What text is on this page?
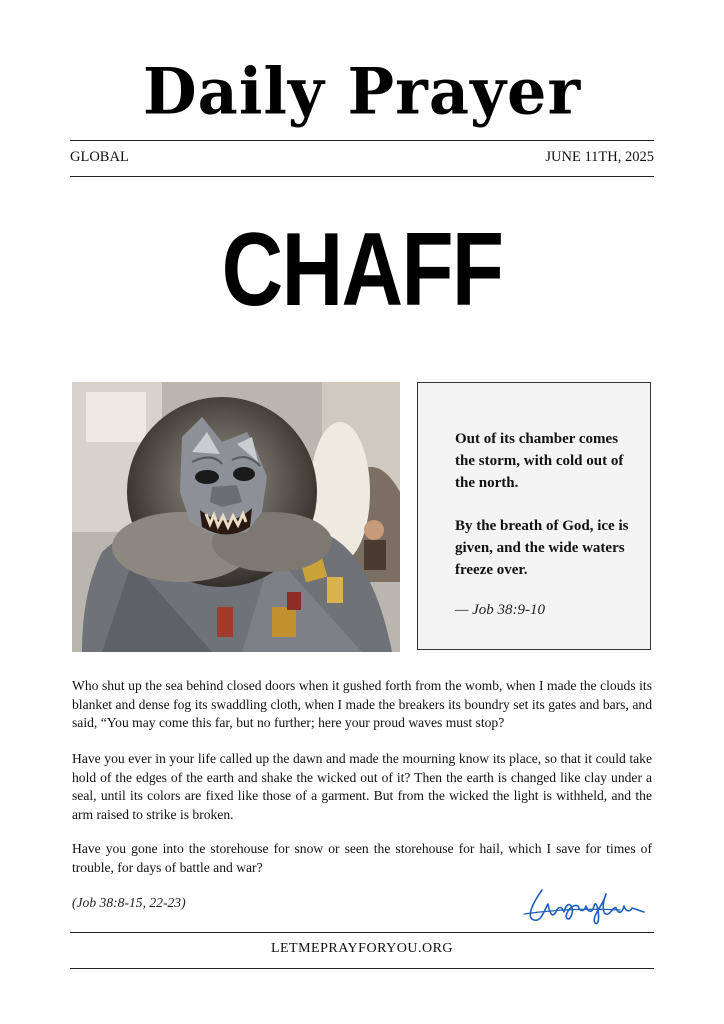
Daily Prayer
GLOBAL	JUNE 11TH, 2025
CHAFF
Out of its chamber comes the storm, with cold out of the north.
By the breath of God, ice is given, and the wide waters freeze over.
— Job 38:9-10
Who shut up the sea behind closed doors when it gushed forth from the womb, when I made the clouds its blanket and dense fog its swaddling cloth, when I made the breakers its boundry set its gates and bars, and said, “You may come this far, but no further; here your proud waves must stop?
Have you ever in your life called up the dawn and made the mourning know its place, so that it could take hold of the edges of the earth and shake the wicked out of it? Then the earth is changed like clay under a seal, until its colors are fixed like those of a garment. But from the wicked the light is withheld, and the arm raised to strike is broken.
Have you gone into the storehouse for snow or seen the storehouse for hail, which I save for times of trouble, for days of battle and war?
(Job 38:8-15, 22-23)
LETMEPRAYFORYOU.ORG
